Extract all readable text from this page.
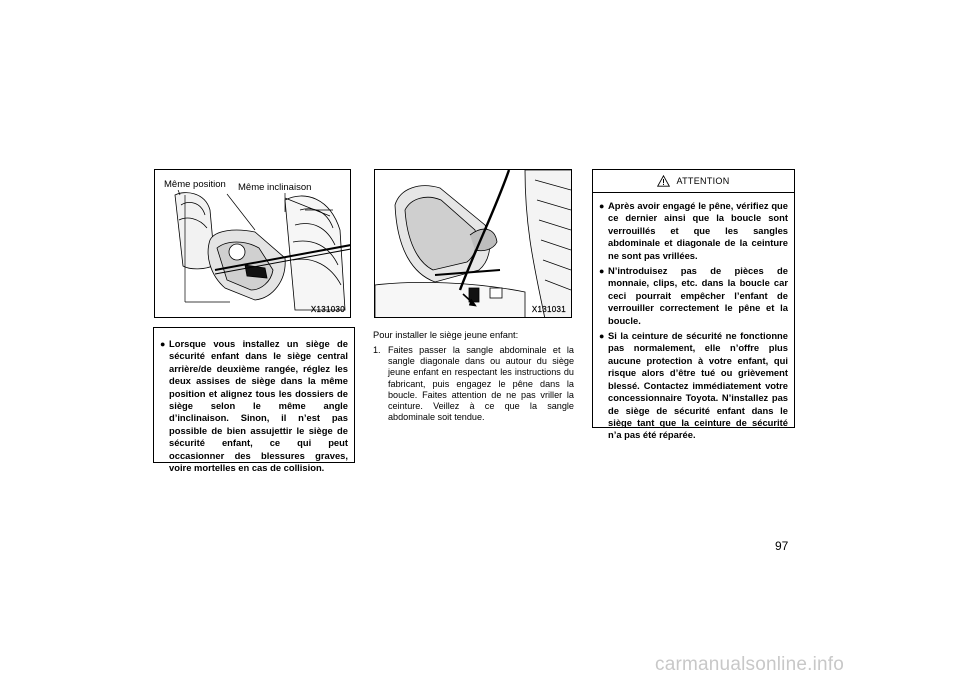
Même position Même inclinaison
X131030	X131031
● Lorsque vous installez un siège de sécurité enfant dans le siège central arrière/de deuxième rangée, réglez les deux assises de siège dans la même position et alignez tous les dossiers de siège selon le même angle d’inclinaison. Sinon, il n’est pas possible de bien assujettir le siège de sécurité enfant, ce qui peut occasionner des blessures graves, voire mortelles en cas de collision.
Pour installer le siège jeune enfant:
1. Faites passer la sangle abdominale et la sangle diagonale dans ou autour du siège jeune enfant en respectant les instructions du fabricant, puis engagez le pêne dans la boucle. Faites attention de ne pas vriller la ceinture. Veillez à ce que la sangle abdominale soit tendue.
ATTENTION
● Après avoir engagé le pêne, vérifiez que ce dernier ainsi que la boucle sont verrouillés et que les sangles abdominale et diagonale de la ceinture ne sont pas vrillées.
● N’introduisez pas de pièces de monnaie, clips, etc. dans la boucle car ceci pourrait empêcher l’enfant de verrouiller correctement le pêne et la boucle.
● Si la ceinture de sécurité ne fonctionne pas normalement, elle n’offre plus aucune protection à votre enfant, qui risque alors d’être tué ou grièvement blessé. Contactez immédiatement votre concessionnaire Toyota. N’installez pas de siège de sécurité enfant dans le siège tant que la ceinture de sécurité n’a pas été réparée.
97
carmanualsonline.info
